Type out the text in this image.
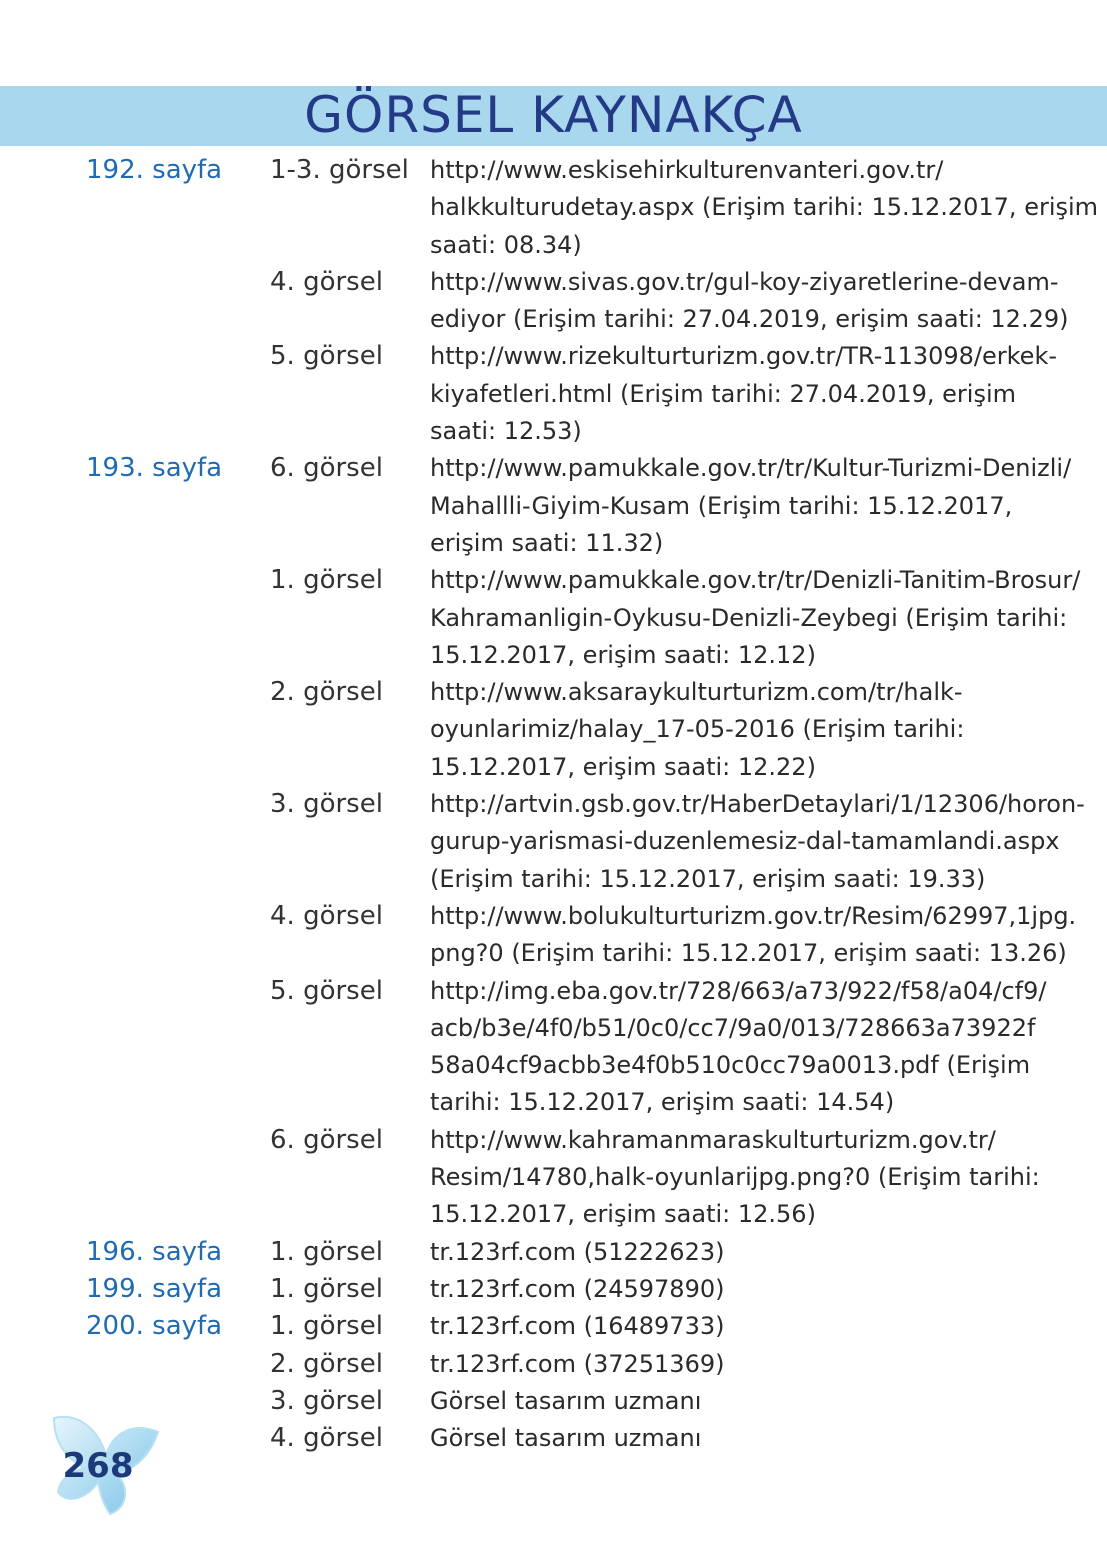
GÖRSEL KAYNAKÇA
192. sayfa	1-3. görsel http://www.eskisehirkulturenvanteri.gov.tr/
halkkulturudetay.aspx (Erişim tarihi: 15.12.2017, erişim
saati: 08.34)
4. görsel	http://www.sivas.gov.tr/gul-koy-ziyaretlerine-devam-
ediyor (Erişim tarihi: 27.04.2019, erişim saati: 12.29)
5. görsel	http://www.rizekulturturizm.gov.tr/TR-113098/erkek-
kiyafetleri.html (Erişim tarihi: 27.04.2019, erişim
saati: 12.53)
193. sayfa	6. görsel	http://www.pamukkale.gov.tr/tr/Kultur-Turizmi-Denizli/
Mahallli-Giyim-Kusam (Erişim tarihi: 15.12.2017,
erişim saati: 11.32)
1. görsel	http://www.pamukkale.gov.tr/tr/Denizli-Tanitim-Brosur/
Kahramanligin-Oykusu-Denizli-Zeybegi (Erişim tarihi:
15.12.2017, erişim saati: 12.12)
2. görsel	http://www.aksaraykulturturizm.com/tr/halk-
oyunlarimiz/halay_17-05-2016 (Erişim tarihi:
15.12.2017, erişim saati: 12.22)
3. görsel	http://artvin.gsb.gov.tr/HaberDetaylari/1/12306/horon-
gurup-yarismasi-duzenlemesiz-dal-tamamlandi.aspx
(Erişim tarihi: 15.12.2017, erişim saati: 19.33)
4. görsel	http://www.bolukulturturizm.gov.tr/Resim/62997,1jpg.
png?0 (Erişim tarihi: 15.12.2017, erişim saati: 13.26)
5. görsel	http://img.eba.gov.tr/728/663/a73/922/f58/a04/cf9/
acb/b3e/4f0/b51/0c0/cc7/9a0/013/728663a73922f
58a04cf9acbb3e4f0b510c0cc79a0013.pdf (Erişim
tarihi: 15.12.2017, erişim saati: 14.54)
6. görsel	http://www.kahramanmaraskulturturizm.gov.tr/
Resim/14780,halk-oyunlarijpg.png?0 (Erişim tarihi:
15.12.2017, erişim saati: 12.56)
196. sayfa	1. görsel	tr.123rf.com (51222623)
199. sayfa	1. görsel	tr.123rf.com (24597890)
200. sayfa	1. görsel	tr.123rf.com (16489733)
2. görsel	tr.123rf.com (37251369)
3. görsel	Görsel tasarım uzmanı
4. görsel	Görsel tasarım uzmanı
268
